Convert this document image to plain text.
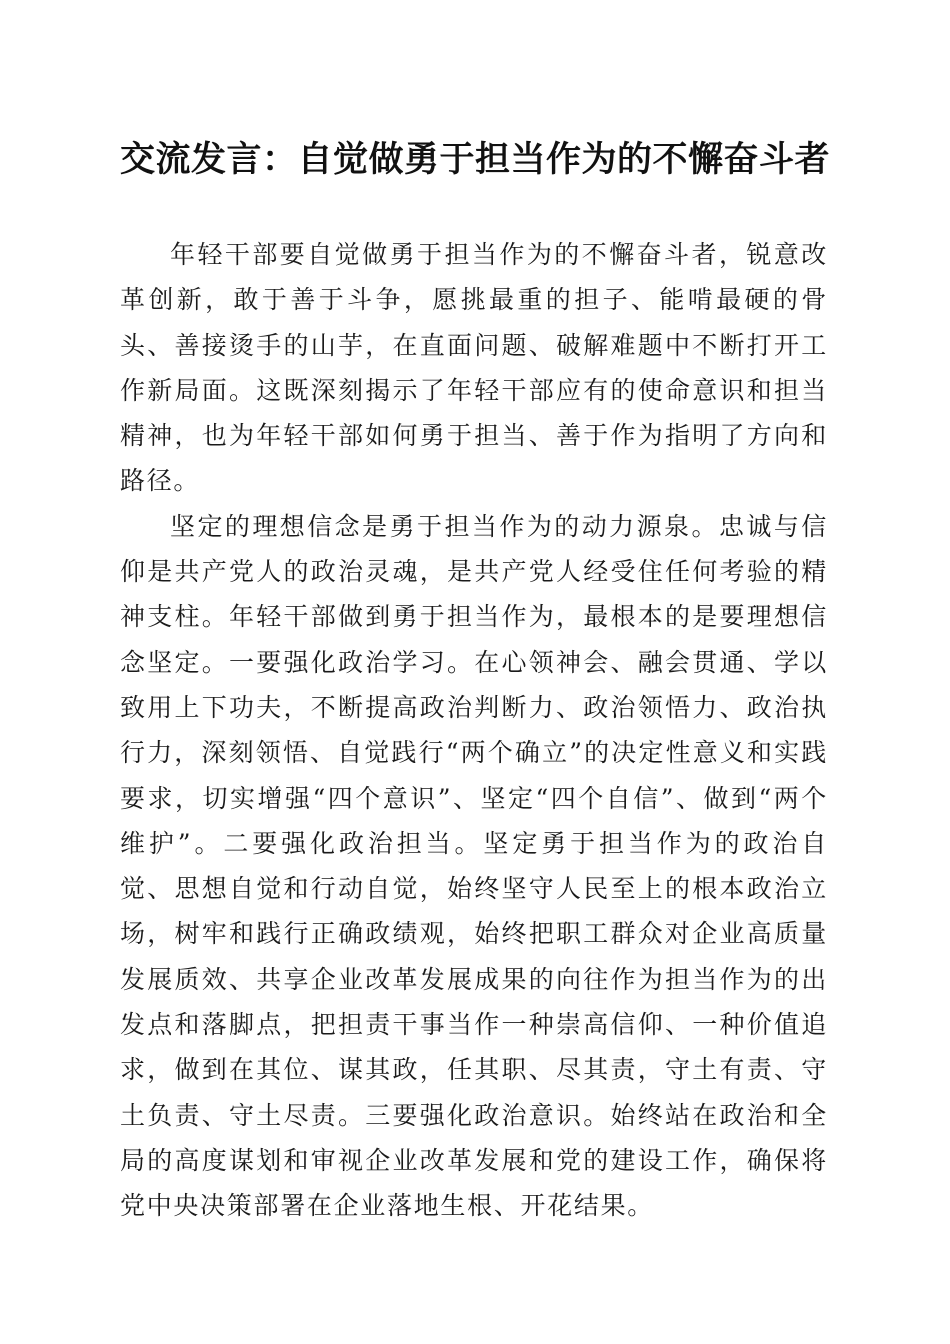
交流发言：自觉做勇于担当作为的不懈奋斗者

年轻干部要自觉做勇于担当作为的不懈奋斗者，锐意改革创新，敢于善于斗争，愿挑最重的担子、能啃最硬的骨头、善接烫手的山芋，在直面问题、破解难题中不断打开工作新局面。这既深刻揭示了年轻干部应有的使命意识和担当精神，也为年轻干部如何勇于担当、善于作为指明了方向和路径。

坚定的理想信念是勇于担当作为的动力源泉。忠诚与信仰是共产党人的政治灵魂，是共产党人经受住任何考验的精神支柱。年轻干部做到勇于担当作为，最根本的是要理想信念坚定。一要强化政治学习。在心领神会、融会贯通、学以致用上下功夫，不断提高政治判断力、政治领悟力、政治执行力，深刻领悟、自觉践行“两个确立”的决定性意义和实践要求，切实增强“四个意识”、坚定“四个自信”、做到“两个维护”。二要强化政治担当。坚定勇于担当作为的政治自觉、思想自觉和行动自觉，始终坚守人民至上的根本政治立场，树牢和践行正确政绩观，始终把职工群众对企业高质量发展质效、共享企业改革发展成果的向往作为担当作为的出发点和落脚点，把担责干事当作一种崇高信仰、一种价值追求，做到在其位、谋其政，任其职、尽其责，守土有责、守土负责、守土尽责。三要强化政治意识。始终站在政治和全局的高度谋划和审视企业改革发展和党的建设工作，确保将党中央决策部署在企业落地生根、开花结果。
